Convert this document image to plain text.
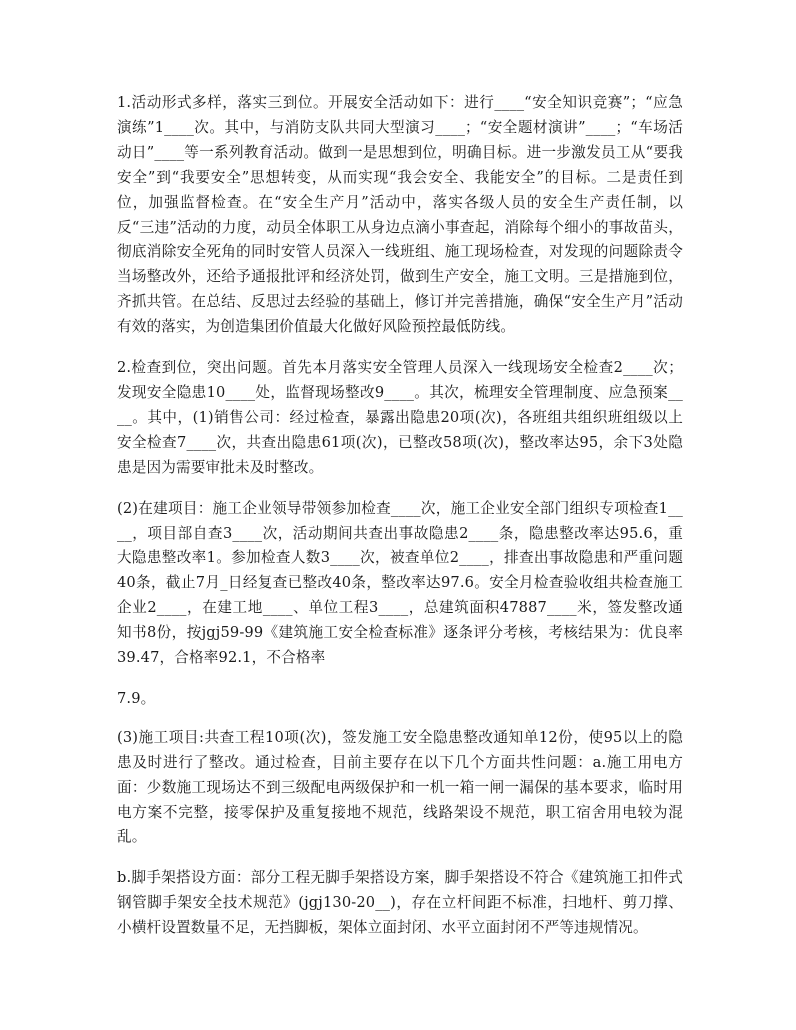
1.活动形式多样，落实三到位。开展安全活动如下：进行____“安全知识竞赛”；“应急演练”1____次。其中，与消防支队共同大型演习____；“安全题材演讲”____；“车场活动日”____等一系列教育活动。做到一是思想到位，明确目标。进一步激发员工从“要我安全”到“我要安全”思想转变，从而实现“我会安全、我能安全”的目标。二是责任到位，加强监督检查。在“安全生产月”活动中，落实各级人员的安全生产责任制，以反“三违”活动的力度，动员全体职工从身边点滴小事查起，消除每个细小的事故苗头，彻底消除安全死角的同时安管人员深入一线班组、施工现场检查，对发现的问题除责令当场整改外，还给予通报批评和经济处罚，做到生产安全，施工文明。三是措施到位，齐抓共管。在总结、反思过去经验的基础上，修订并完善措施，确保“安全生产月”活动有效的落实，为创造集团价值最大化做好风险预控最低防线。

2.检查到位，突出问题。首先本月落实安全管理人员深入一线现场安全检查2____次；发现安全隐患10____处，监督现场整改9____。其次，梳理安全管理制度、应急预案____。其中，(1)销售公司：经过检查，暴露出隐患20项(次)，各班组共组织班组级以上安全检查7____次，共查出隐患61项(次)，已整改58项(次)，整改率达95，余下3处隐患是因为需要审批未及时整改。

(2)在建项目：施工企业领导带领参加检查____次，施工企业安全部门组织专项检查1____，项目部自查3____次，活动期间共查出事故隐患2____条，隐患整改率达95.6，重大隐患整改率1。参加检查人数3____次，被查单位2____，排查出事故隐患和严重问题40条，截止7月_日经复查已整改40条，整改率达97.6。安全月检查验收组共检查施工企业2____，在建工地____、单位工程3____，总建筑面积47887____米，签发整改通知书8份，按jgj59-99《建筑施工安全检查标准》逐条评分考核，考核结果为：优良率39.47，合格率92.1，不合格率

7.9。

(3)施工项目:共查工程10项(次)，签发施工安全隐患整改通知单12份，使95以上的隐患及时进行了整改。通过检查，目前主要存在以下几个方面共性问题：a.施工用电方面：少数施工现场达不到三级配电两级保护和一机一箱一闸一漏保的基本要求，临时用电方案不完整，接零保护及重复接地不规范，线路架设不规范，职工宿舍用电较为混乱。

b.脚手架搭设方面：部分工程无脚手架搭设方案，脚手架搭设不符合《建筑施工扣件式钢管脚手架安全技术规范》(jgj130-20__)，存在立杆间距不标准，扫地杆、剪刀撑、小横杆设置数量不足，无挡脚板，架体立面封闭、水平立面封闭不严等违规情况。
